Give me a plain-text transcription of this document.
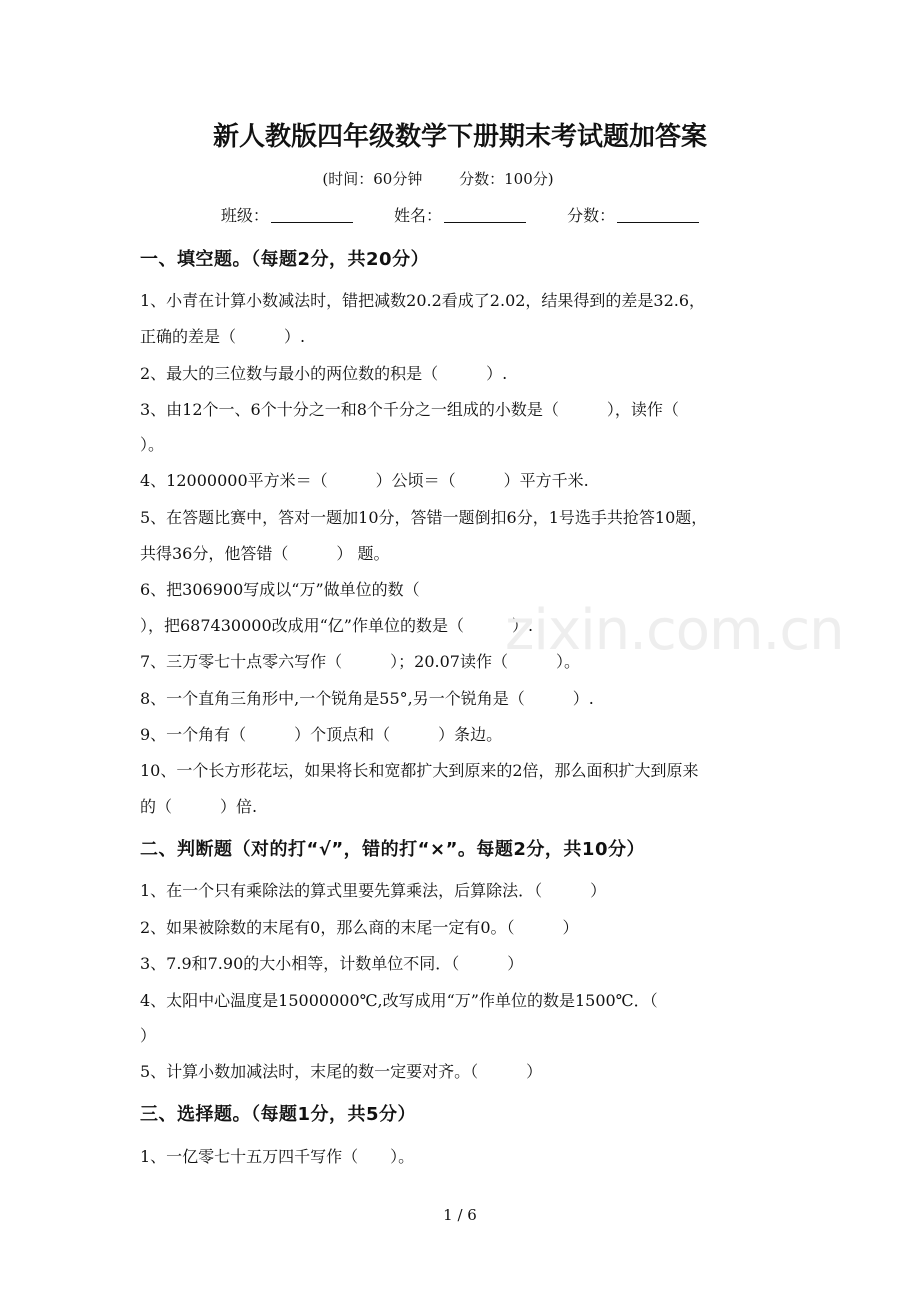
新人教版四年级数学下册期末考试题加答案
(时间：60分钟 分数：100分)
班级：	姓名：	分数：
一、填空题。（每题2分，共20分）
1、小青在计算小数减法时，错把减数20.2看成了2.02，结果得到的差是32.6，
正确的差是（　　　）.
2、最大的三位数与最小的两位数的积是（　　　）.
3、由12个一、6个十分之一和8个千分之一组成的小数是（　　　），读作（
）。
4、12000000平方米＝（　　　）公顷＝（　　　）平方千米.
5、在答题比赛中，答对一题加10分，答错一题倒扣6分，1号选手共抢答10题，
共得36分，他答错（　　　） 题。
6、把306900写成以“万”做单位的数（
），把687430000改成用“亿”作单位的数是（　　　）.
7、三万零七十点零六写作（　　　）；20.07读作（　　　）。
8、一个直角三角形中,一个锐角是55°,另一个锐角是（　　　）.
9、一个角有（　　　）个顶点和（　　　）条边。
10、一个长方形花坛，如果将长和宽都扩大到原来的2倍，那么面积扩大到原来
的（　　　）倍.
二、判断题（对的打“√”，错的打“×”。每题2分，共10分）
1、在一个只有乘除法的算式里要先算乘法，后算除法．（　　　）
2、如果被除数的末尾有0，那么商的末尾一定有0。（　　　）
3、7.9和7.90的大小相等，计数单位不同．（　　　）
4、太阳中心温度是15000000℃,改写成用“万”作单位的数是1500℃．（
）
5、计算小数加减法时，末尾的数一定要对齐。（　　　）
三、选择题。（每题1分，共5分）
1、一亿零七十五万四千写作（　　）。
zixin.com.cn
1 / 6
